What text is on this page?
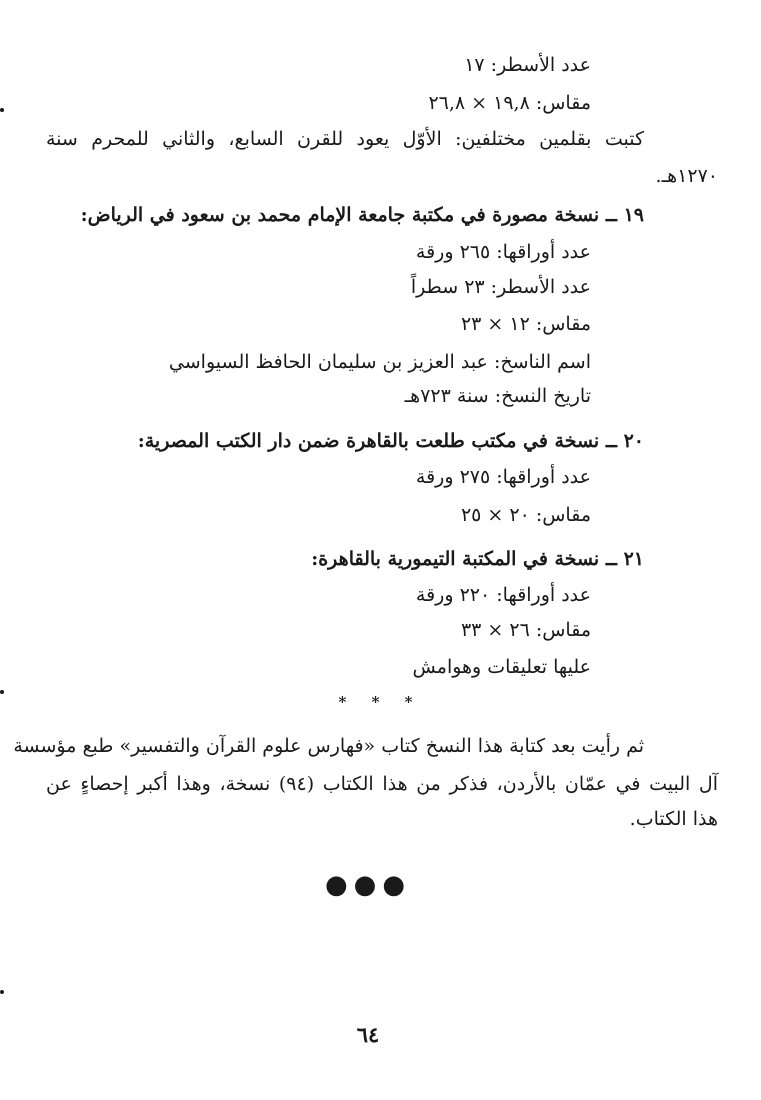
عدد الأسطر: ١٧
مقاس: ١٩,٨ × ٢٦,٨
كتبت بقلمين مختلفين: الأوّل يعود للقرن السابع، والثاني للمحرم سنة
١٢٧٠هـ.
١٩ ــ نسخة مصورة في مكتبة جامعة الإمام محمد بن سعود في الرياض:
عدد أوراقها: ٢٦٥ ورقة
عدد الأسطر: ٢٣ سطراً
مقاس: ١٢ × ٢٣
اسم الناسخ: عبد العزيز بن سليمان الحافظ السيواسي
تاريخ النسخ: سنة ٧٢٣هـ
٢٠ ــ نسخة في مكتب طلعت بالقاهرة ضمن دار الكتب المصرية:
عدد أوراقها: ٢٧٥ ورقة
مقاس: ٢٠ × ٢٥
٢١ ــ نسخة في المكتبة التيمورية بالقاهرة:
عدد أوراقها: ٢٢٠ ورقة
مقاس: ٢٦ × ٣٣
عليها تعليقات وهوامش
* * *
ثم رأيت بعد كتابة هذا النسخ كتاب «فهارس علوم القرآن والتفسير» طبع مؤسسة
آل البيت في عمّان بالأردن، فذكر من هذا الكتاب (٩٤) نسخة، وهذا أكبر إحصاءٍ عن
هذا الكتاب.
●●●
٦٤
